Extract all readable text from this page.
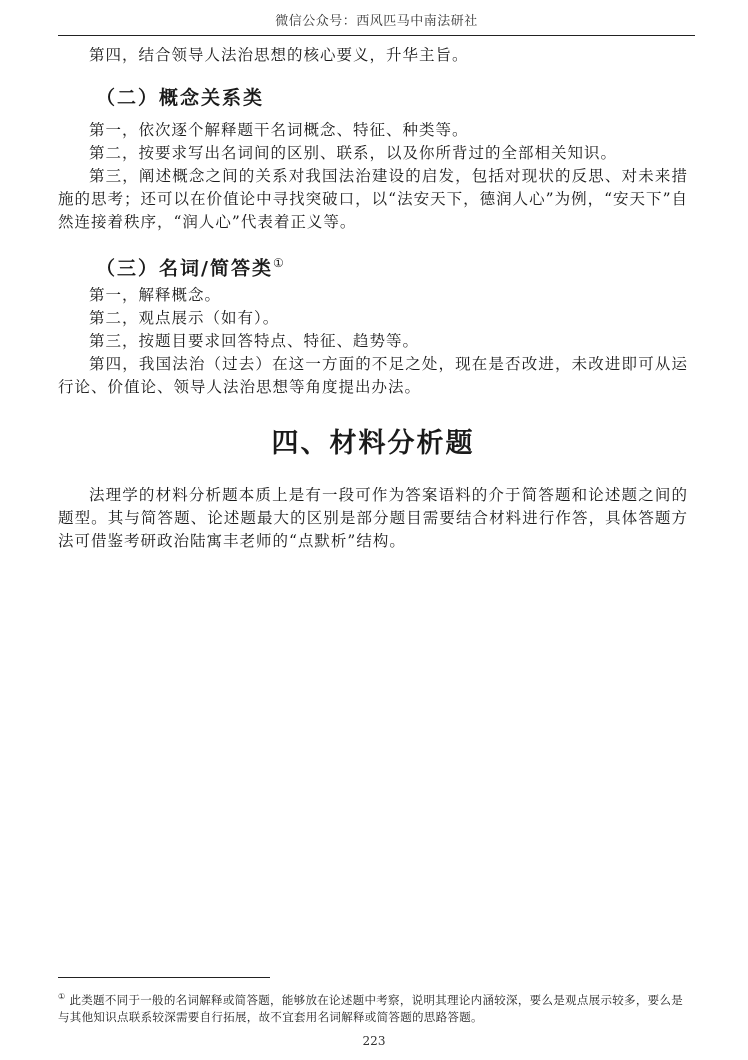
微信公众号：西风匹马中南法研社

第四，结合领导人法治思想的核心要义，升华主旨。

（二）概念关系类

第一，依次逐个解释题干名词概念、特征、种类等。

第二，按要求写出名词间的区别、联系，以及你所背过的全部相关知识。

第三，阐述概念之间的关系对我国法治建设的启发，包括对现状的反思、对未来措施的思考；还可以在价值论中寻找突破口，以“法安天下，德润人心”为例，“安天下”自然连接着秩序，“润人心”代表着正义等。

（三）名词/简答类①

第一，解释概念。

第二，观点展示（如有）。

第三，按题目要求回答特点、特征、趋势等。

第四，我国法治（过去）在这一方面的不足之处，现在是否改进，未改进即可从运行论、价值论、领导人法治思想等角度提出办法。

四、材料分析题

法理学的材料分析题本质上是有一段可作为答案语料的介于简答题和论述题之间的题型。其与简答题、论述题最大的区别是部分题目需要结合材料进行作答，具体答题方法可借鉴考研政治陆寓丰老师的“点默析”结构。

① 此类题不同于一般的名词解释或简答题，能够放在论述题中考察，说明其理论内涵较深，要么是观点展示较多，要么是与其他知识点联系较深需要自行拓展，故不宜套用名词解释或简答题的思路答题。
223
